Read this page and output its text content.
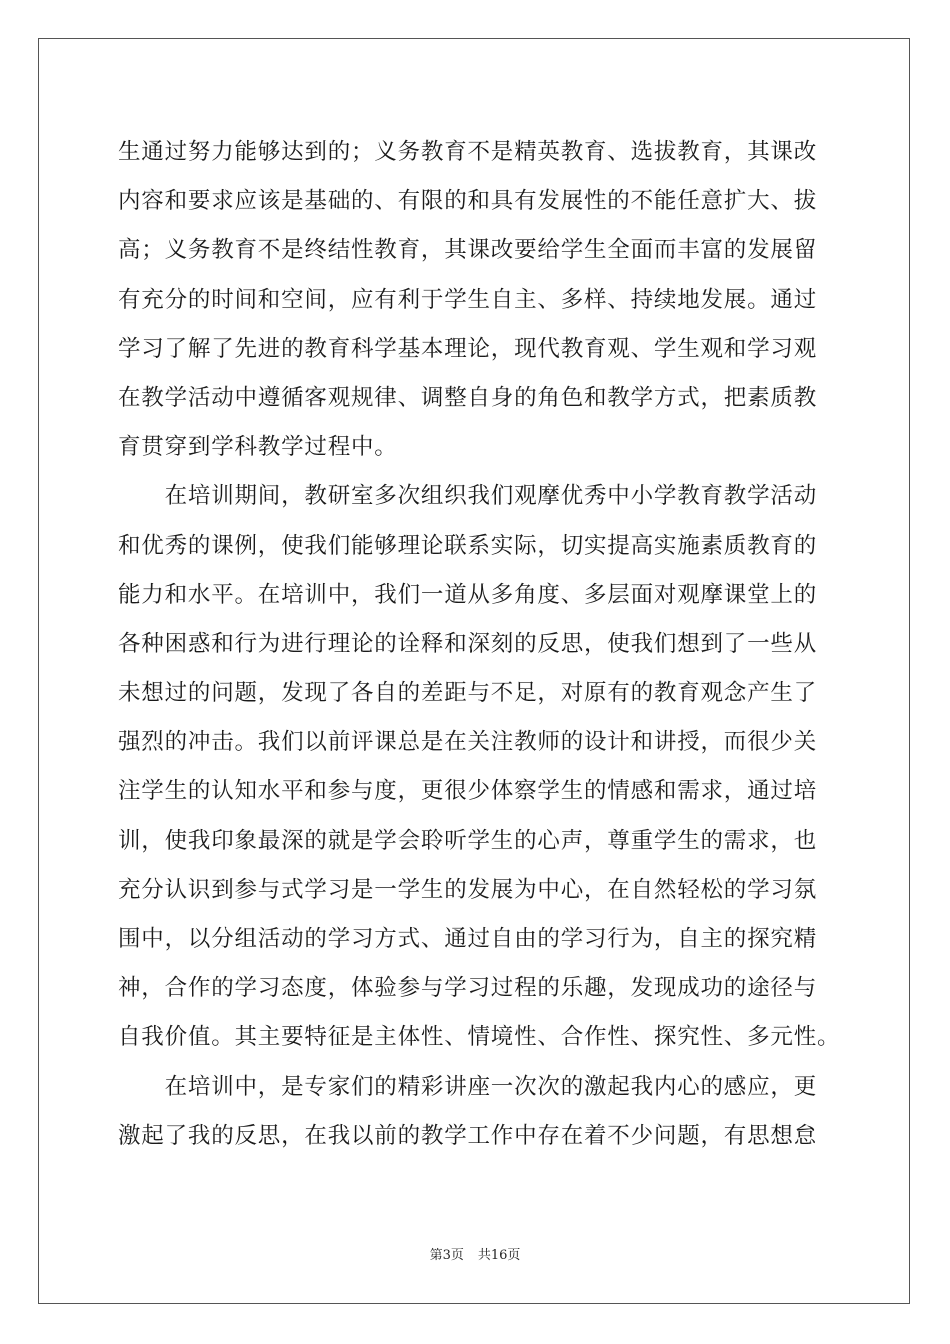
生通过努力能够达到的；义务教育不是精英教育、选拔教育，其课改
内容和要求应该是基础的、有限的和具有发展性的不能任意扩大、拔
高；义务教育不是终结性教育，其课改要给学生全面而丰富的发展留
有充分的时间和空间，应有利于学生自主、多样、持续地发展。通过
学习了解了先进的教育科学基本理论，现代教育观、学生观和学习观
在教学活动中遵循客观规律、调整自身的角色和教学方式，把素质教
育贯穿到学科教学过程中。
　　在培训期间，教研室多次组织我们观摩优秀中小学教育教学活动
和优秀的课例，使我们能够理论联系实际，切实提高实施素质教育的
能力和水平。在培训中，我们一道从多角度、多层面对观摩课堂上的
各种困惑和行为进行理论的诠释和深刻的反思，使我们想到了一些从
未想过的问题，发现了各自的差距与不足，对原有的教育观念产生了
强烈的冲击。我们以前评课总是在关注教师的设计和讲授，而很少关
注学生的认知水平和参与度，更很少体察学生的情感和需求，通过培
训，使我印象最深的就是学会聆听学生的心声，尊重学生的需求，也
充分认识到参与式学习是一学生的发展为中心，在自然轻松的学习氛
围中，以分组活动的学习方式、通过自由的学习行为，自主的探究精
神，合作的学习态度，体验参与学习过程的乐趣，发现成功的途径与
自我价值。其主要特征是主体性、情境性、合作性、探究性、多元性。
　　在培训中，是专家们的精彩讲座一次次的激起我内心的感应，更
激起了我的反思，在我以前的教学工作中存在着不少问题，有思想怠
第3页 共16页
